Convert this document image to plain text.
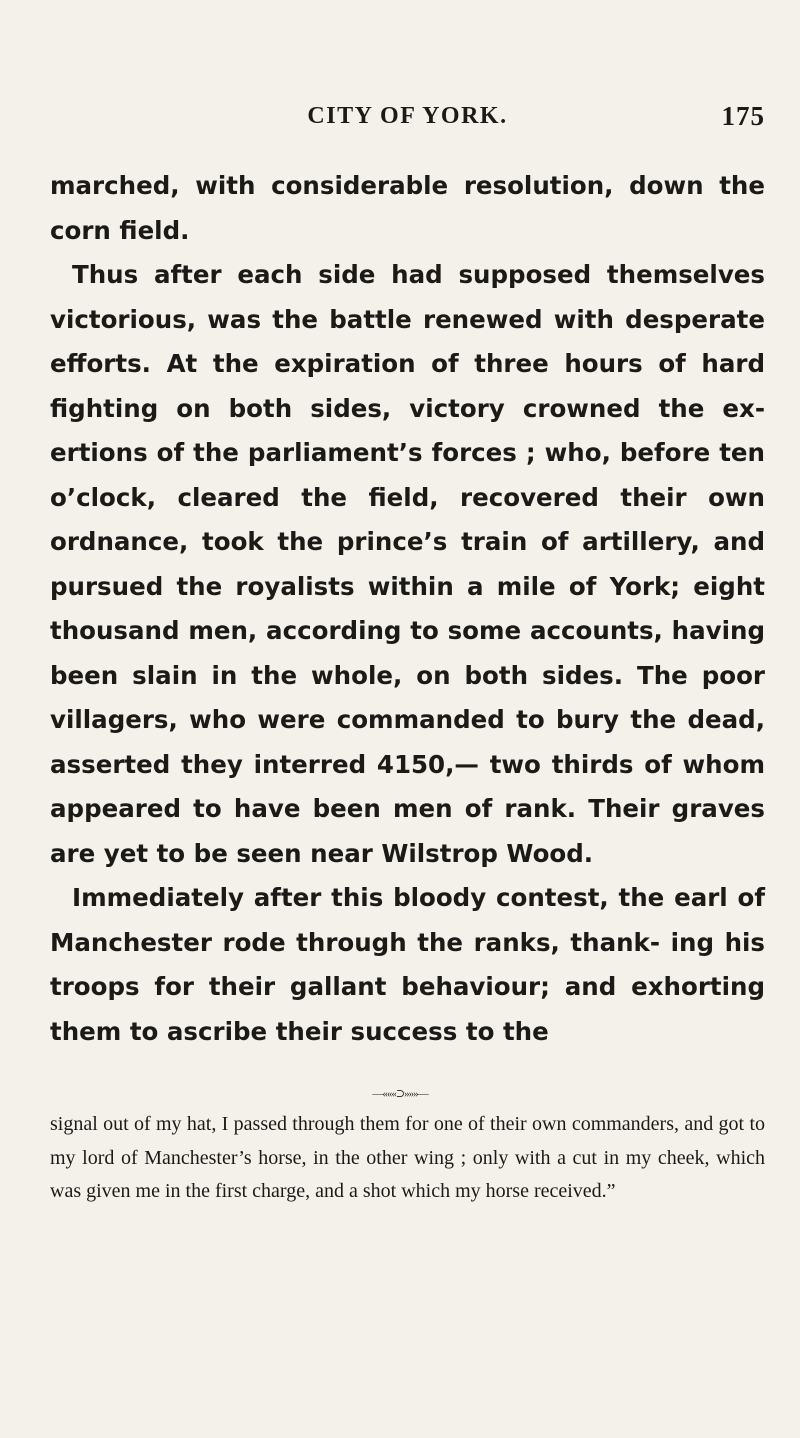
CITY OF YORK.	175

marched, with considerable resolution, down the corn field.

Thus after each side had supposed themselves victorious, was the battle renewed with desperate efforts. At the expiration of three hours of hard fighting on both sides, victory crowned the ex- ertions of the parliament’s forces ; who, before ten o’clock, cleared the field, recovered their own ordnance, took the prince’s train of artillery, and pursued the royalists within a mile of York; eight thousand men, according to some accounts, having been slain in the whole, on both sides. The poor villagers, who were commanded to bury the dead, asserted they interred 4150,— two thirds of whom appeared to have been men of rank. Their graves are yet to be seen near Wilstrop Wood.

Immediately after this bloody contest, the earl of Manchester rode through the ranks, thank- ing his troops for their gallant behaviour; and exhorting them to ascribe their success to the

—«««⊃»»»—

signal out of my hat, I passed through them for one of their own commanders, and got to my lord of Manchester’s horse, in the other wing ; only with a cut in my cheek, which was given me in the first charge, and a shot which my horse received.”
